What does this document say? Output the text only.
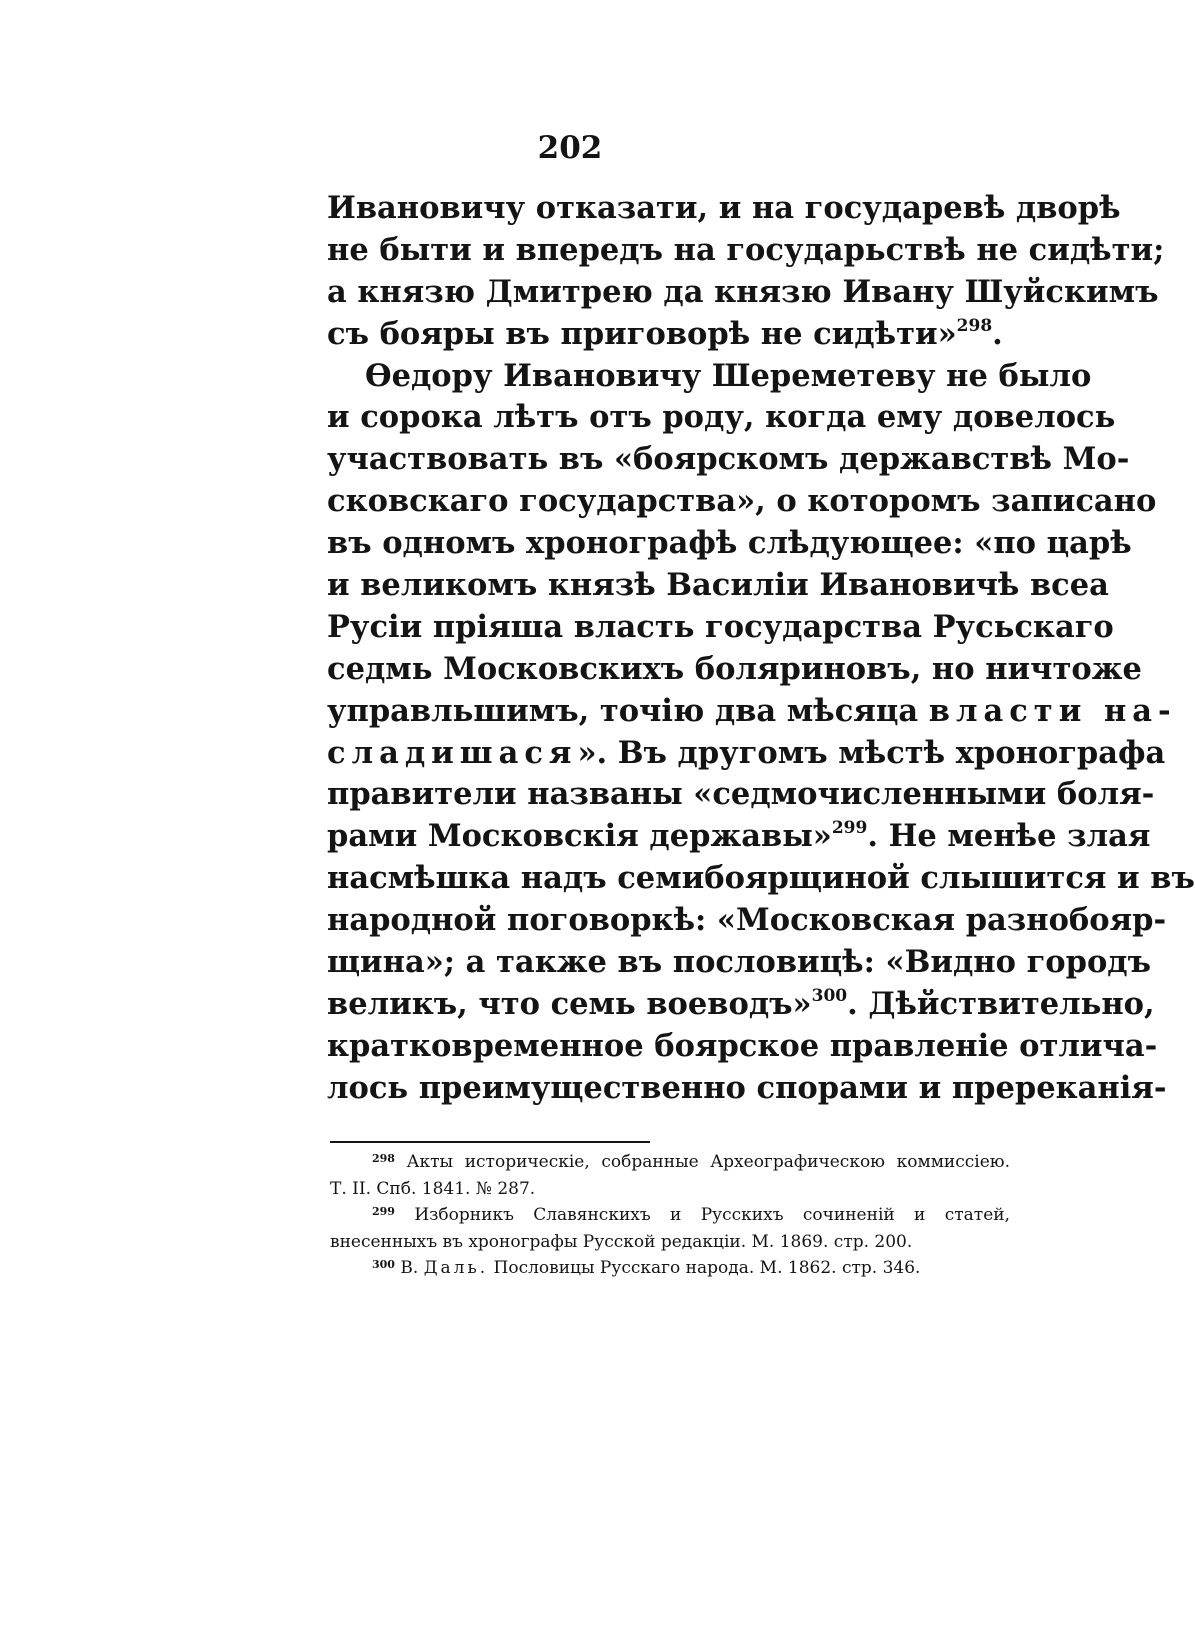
202
Ивановичу отказати, и на государевѣ дворѣ
не быти и впередъ на государьствѣ не сидѣти;
а князю Дмитрею да князю Ивану Шуйскимъ
съ бояры въ приговорѣ не сидѣти»$^{298}$.
Ѳедору Ивановичу Шереметеву не было
и сорока лѣтъ отъ роду, когда ему довелось
участвовать въ «боярскомъ державствѣ Мо-
сковскаго государства», о которомъ записано
въ одномъ хронографѣ слѣдующее: «по царѣ
и великомъ князѣ Василіи Ивановичѣ всеа
Русіи пріяша власть государства Русьскаго
седмь Московскихъ боляриновъ, но ничтоже
управльшимъ, точію два мѣсяца власти на-
сладишася». Въ другомъ мѣстѣ хронографа
правители названы «седмочисленными боля-
рами Московскія державы»$^{299}$. Не менѣе злая
насмѣшка надъ семибоярщиной слышится и въ
народной поговоркѣ: «Московская разнобояр-
щина»; а также въ пословицѣ: «Видно городъ
великъ, что семь воеводъ»$^{300}$. Дѣйствительно,
кратковременное боярское правленіе отлича-
лось преимущественно спорами и пререканія-
$^{298}$ Акты историческіе, собранные Археографическою коммиссіею.
Т. II. Спб. 1841. № 287.
$^{299}$ Изборникъ Славянскихъ и Русскихъ сочиненій и статей,
внесенныхъ въ хронографы Русской редакціи. М. 1869. стр. 200.
$^{300}$ В. Даль. Пословицы Русскаго народа. М. 1862. стр. 346.
